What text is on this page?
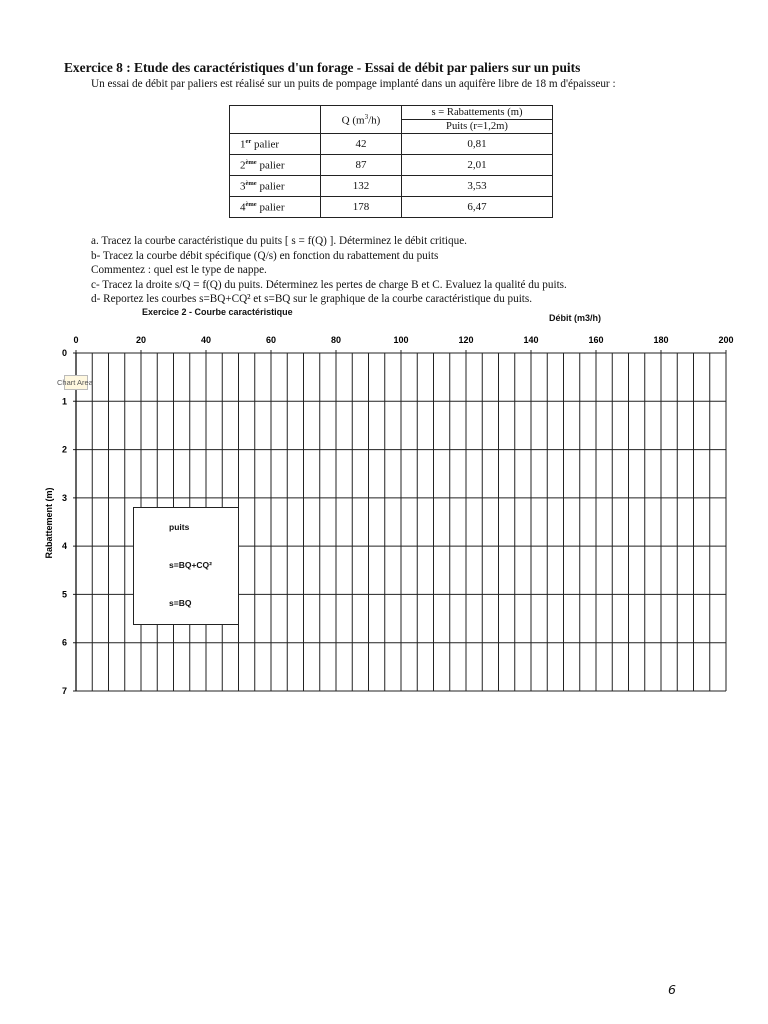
Exercice 8 : Etude des caractéristiques d'un forage - Essai de débit par paliers sur un puits
Un essai de débit par paliers est réalisé sur un puits de pompage implanté dans un aquifère libre de 18 m d'épaisseur :
	Q $(m^3/h)$	s = Rabattements (m)
		Puits (r=1,2m)
1er palier	42	0,81
2ème palier	87	2,01
3ème palier	132	3,53
4ème palier	178	6,47
a. Tracez la courbe caractéristique du puits [ s = f(Q) ]. Déterminez le débit critique.
b- Tracez la courbe débit spécifique (Q/s) en fonction du rabattement du puits
Commentez : quel est le type de nappe.
c- Tracez la droite s/Q = f(Q) du puits. Déterminez les pertes de charge B et C. Evaluez la qualité du puits.
d- Reportez les courbes s=BQ+CQ² et s=BQ sur le graphique de la courbe caractéristique du puits.
Exercice 2 - Courbe caractéristique
Débit (m3/h)
0	20	40	60	80	100	120	140	160	180	200
0
1
2
3
4
5
6
7
Rabattement (m)
Chart Area
puits
s=BQ+CQ²
s=BQ
6
